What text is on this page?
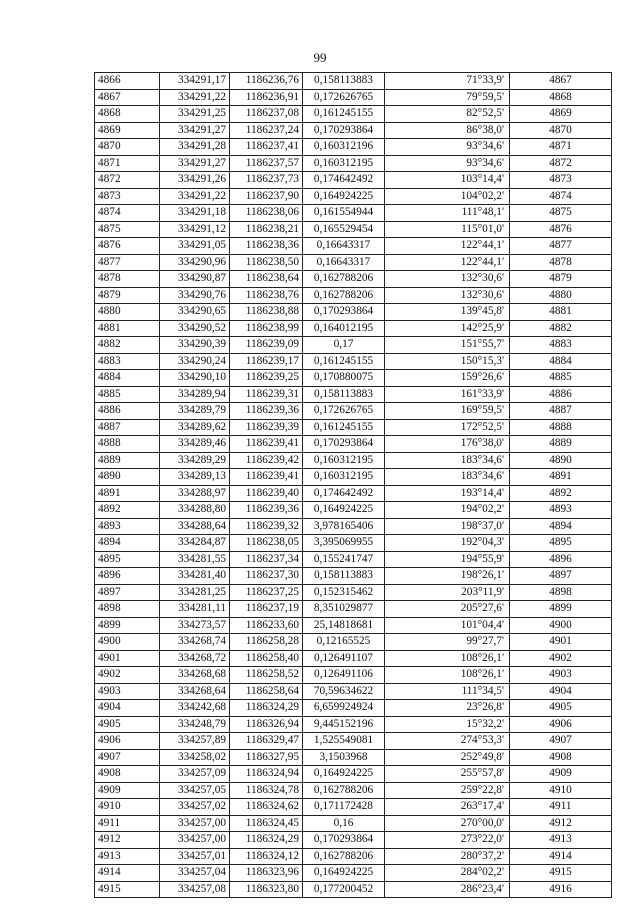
99
4866	334291,17	1186236,76	0,158113883	71°33,9'	4867
4867	334291,22	1186236,91	0,172626765	79°59,5'	4868
4868	334291,25	1186237,08	0,161245155	82°52,5'	4869
4869	334291,27	1186237,24	0,170293864	86°38,0'	4870
4870	334291,28	1186237,41	0,160312196	93°34,6'	4871
4871	334291,27	1186237,57	0,160312195	93°34,6'	4872
4872	334291,26	1186237,73	0,174642492	103°14,4'	4873
4873	334291,22	1186237,90	0,164924225	104°02,2'	4874
4874	334291,18	1186238,06	0,161554944	111°48,1'	4875
4875	334291,12	1186238,21	0,165529454	115°01,0'	4876
4876	334291,05	1186238,36	0,16643317	122°44,1'	4877
4877	334290,96	1186238,50	0,16643317	122°44,1'	4878
4878	334290,87	1186238,64	0,162788206	132°30,6'	4879
4879	334290,76	1186238,76	0,162788206	132°30,6'	4880
4880	334290,65	1186238,88	0,170293864	139°45,8'	4881
4881	334290,52	1186238,99	0,164012195	142°25,9'	4882
4882	334290,39	1186239,09	0,17	151°55,7'	4883
4883	334290,24	1186239,17	0,161245155	150°15,3'	4884
4884	334290,10	1186239,25	0,170880075	159°26,6'	4885
4885	334289,94	1186239,31	0,158113883	161°33,9'	4886
4886	334289,79	1186239,36	0,172626765	169°59,5'	4887
4887	334289,62	1186239,39	0,161245155	172°52,5'	4888
4888	334289,46	1186239,41	0,170293864	176°38,0'	4889
4889	334289,29	1186239,42	0,160312195	183°34,6'	4890
4890	334289,13	1186239,41	0,160312195	183°34,6'	4891
4891	334288,97	1186239,40	0,174642492	193°14,4'	4892
4892	334288,80	1186239,36	0,164924225	194°02,2'	4893
4893	334288,64	1186239,32	3,978165406	198°37,0'	4894
4894	334284,87	1186238,05	3,395069955	192°04,3'	4895
4895	334281,55	1186237,34	0,155241747	194°55,9'	4896
4896	334281,40	1186237,30	0,158113883	198°26,1'	4897
4897	334281,25	1186237,25	0,152315462	203°11,9'	4898
4898	334281,11	1186237,19	8,351029877	205°27,6'	4899
4899	334273,57	1186233,60	25,14818681	101°04,4'	4900
4900	334268,74	1186258,28	0,12165525	99°27,7'	4901
4901	334268,72	1186258,40	0,126491107	108°26,1'	4902
4902	334268,68	1186258,52	0,126491106	108°26,1'	4903
4903	334268,64	1186258,64	70,59634622	111°34,5'	4904
4904	334242,68	1186324,29	6,659924924	23°26,8'	4905
4905	334248,79	1186326,94	9,445152196	15°32,2'	4906
4906	334257,89	1186329,47	1,525549081	274°53,3'	4907
4907	334258,02	1186327,95	3,1503968	252°49,8'	4908
4908	334257,09	1186324,94	0,164924225	255°57,8'	4909
4909	334257,05	1186324,78	0,162788206	259°22,8'	4910
4910	334257,02	1186324,62	0,171172428	263°17,4'	4911
4911	334257,00	1186324,45	0,16	270°00,0'	4912
4912	334257,00	1186324,29	0,170293864	273°22,0'	4913
4913	334257,01	1186324,12	0,162788206	280°37,2'	4914
4914	334257,04	1186323,96	0,164924225	284°02,2'	4915
4915	334257,08	1186323,80	0,177200452	286°23,4'	4916
